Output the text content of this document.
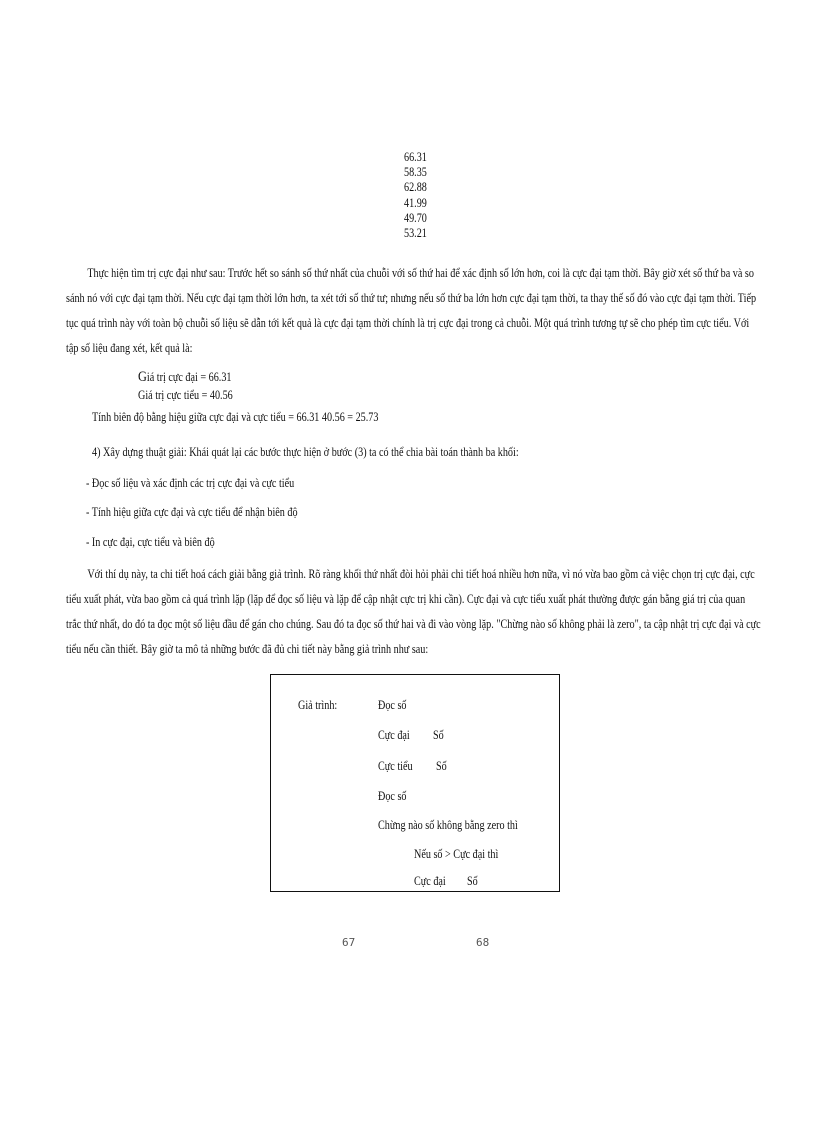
66.31
58.35
62.88
41.99
49.70
53.21
Thực hiện tìm trị cực đại như sau: Trước hết so sánh số thứ nhất của chuỗi với số thứ hai để xác định số lớn hơn, coi là cực đại tạm thời. Bây giờ xét số thứ ba và so
sánh nó với cực đại tạm thời. Nếu cực đại tạm thời lớn hơn, ta xét tới số thứ tư; nhưng nếu số thứ ba lớn hơn cực đại tạm thời, ta thay thế số đó vào cực đại tạm thời. Tiếp
tục quá trình này với toàn bộ chuỗi số liệu sẽ dẫn tới kết quả là cực đại tạm thời chính là trị cực đại trong cả chuỗi. Một quá trình tương tự sẽ cho phép tìm cực tiểu. Với
tập số liệu đang xét, kết quả là:
Giá trị cực đại = 66.31
Giá trị cực tiểu = 40.56
Tính biên độ bằng hiệu giữa cực đại và cực tiểu = 66.31 40.56 = 25.73
4) Xây dựng thuật giải: Khái quát lại các bước thực hiện ở bước (3) ta có thể chia bài toán thành ba khối:
- Đọc số liệu và xác định các trị cực đại và cực tiểu
- Tính hiệu giữa cực đại và cực tiểu để nhận biên độ
- In cực đại, cực tiểu và biên độ
Với thí dụ này, ta chi tiết hoá cách giải bằng giả trình. Rõ ràng khối thứ nhất đòi hỏi phải chi tiết hoá nhiều hơn nữa, vì nó vừa bao gồm cả việc chọn trị cực đại, cực
tiểu xuất phát, vừa bao gồm cả quá trình lặp (lặp để đọc số liệu và lặp để cập nhật cực trị khi cần). Cực đại và cực tiểu xuất phát thường được gán bằng giá trị của quan
trắc thứ nhất, do đó ta đọc một số liệu đầu để gán cho chúng. Sau đó ta đọc số thứ hai và đi vào vòng lặp. "Chừng nào số không phải là zero", ta cập nhật trị cực đại và cực
tiểu nếu cần thiết. Bây giờ ta mô tả những bước đã đủ chi tiết này bằng giả trình như sau:
Giả trình:	Đọc số
Cực đại Số
Cực tiểu Số
Đọc số
Chừng nào số không bằng zero thì
Nếu số > Cực đại thì
Cực đại Số
67	68
